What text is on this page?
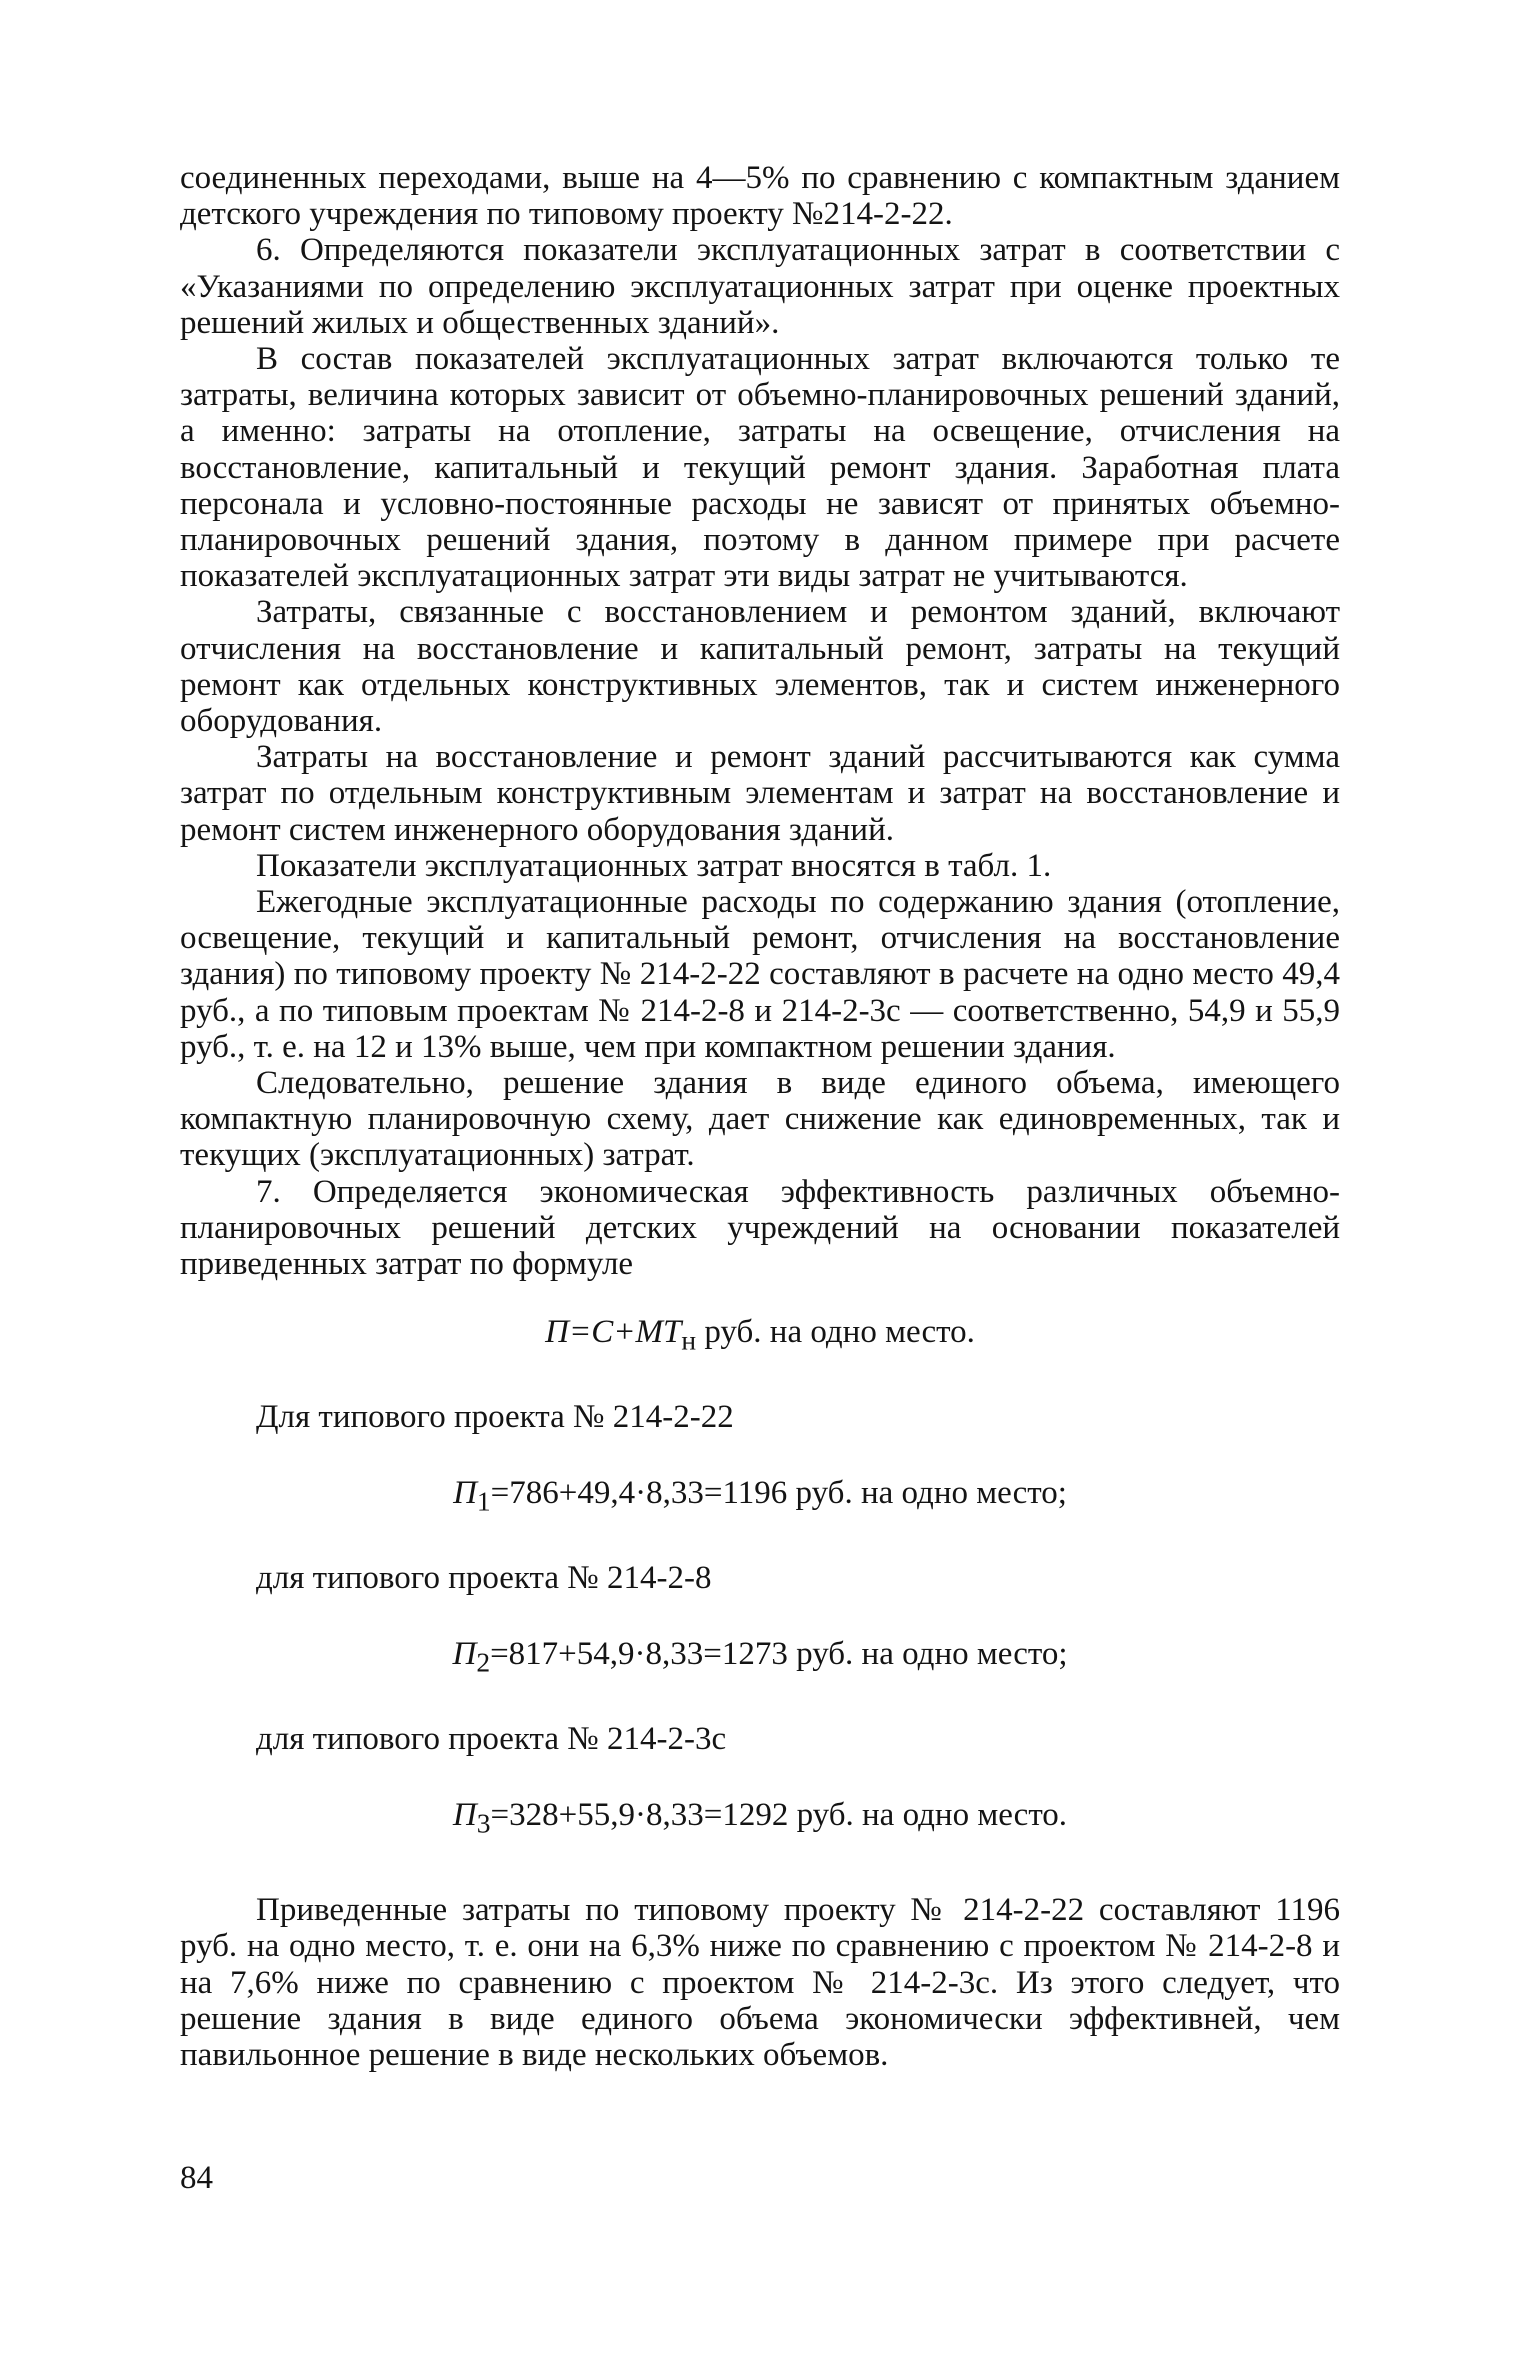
соединенных переходами, выше на 4—5% по сравнению с компактным зданием детского учреждения по типовому проекту №214-2-22.

6. Определяются показатели эксплуатационных затрат в соответствии с «Указаниями по определению эксплуатационных затрат при оценке проектных решений жилых и общественных зданий».

В состав показателей эксплуатационных затрат включаются только те затраты, величина которых зависит от объемно-планировочных решений зданий, а именно: затраты на отопление, затраты на освещение, отчисления на восстановление, капитальный и текущий ремонт здания. Заработная плата персонала и условно-постоянные расходы не зависят от принятых объемно-планировочных решений здания, поэтому в данном примере при расчете показателей эксплуатационных затрат эти виды затрат не учитываются.

Затраты, связанные с восстановлением и ремонтом зданий, включают отчисления на восстановление и капитальный ремонт, затраты на текущий ремонт как отдельных конструктивных элементов, так и систем инженерного оборудования.

Затраты на восстановление и ремонт зданий рассчитываются как сумма затрат по отдельным конструктивным элементам и затрат на восстановление и ремонт систем инженерного оборудования зданий.

Показатели эксплуатационных затрат вносятся в табл. 1.

Ежегодные эксплуатационные расходы по содержанию здания (отопление, освещение, текущий и капитальный ремонт, отчисления на восстановление здания) по типовому проекту № 214-2-22 составляют в расчете на одно место 49,4 руб., а по типовым проектам № 214-2-8 и 214-2-3с — соответственно, 54,9 и 55,9 руб., т. е. на 12 и 13% выше, чем при компактном решении здания.

Следовательно, решение здания в виде единого объема, имеющего компактную планировочную схему, дает снижение как единовременных, так и текущих (эксплуатационных) затрат.

7. Определяется экономическая эффективность различных объемно-планировочных решений детских учреждений на основании показателей приведенных затрат по формуле

$П=С+МТ_н$ руб. на одно место.

Для типового проекта № 214-2-22

$П_1=786+49,4\cdot 8,33=1196$ руб. на одно место;

для типового проекта № 214-2-8

$П_2=817+54,9\cdot 8,33=1273$ руб. на одно место;

для типового проекта № 214-2-3с

$П_3=328+55,9\cdot 8,33=1292$ руб. на одно место.

Приведенные затраты по типовому проекту № 214-2-22 составляют 1196 руб. на одно место, т. е. они на 6,3% ниже по сравнению с проектом № 214-2-8 и на 7,6% ниже по сравнению с проектом № 214-2-3с. Из этого следует, что решение здания в виде единого объема экономически эффективней, чем павильонное решение в виде нескольких объемов.

84
